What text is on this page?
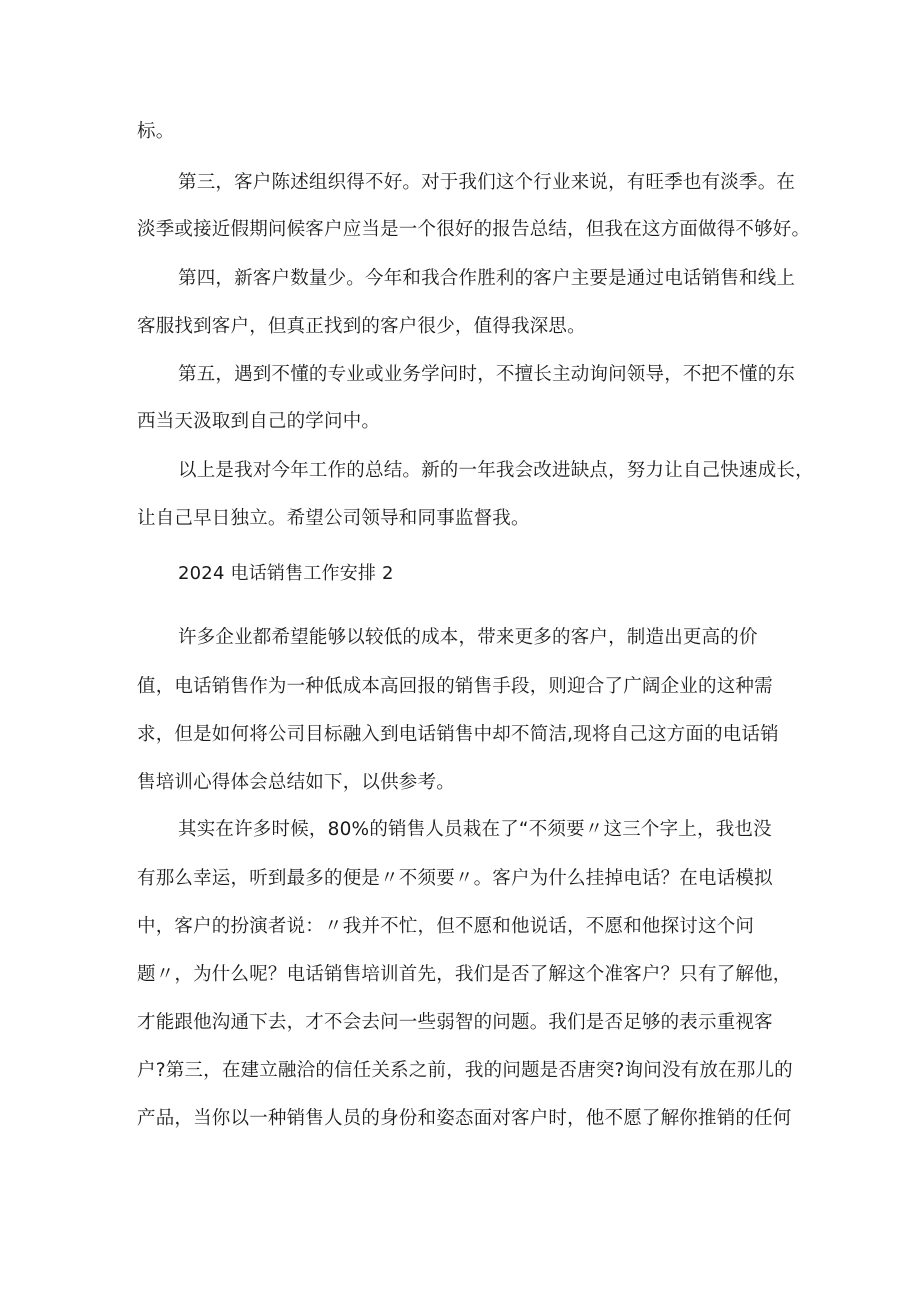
标。
第三，客户陈述组织得不好。对于我们这个行业来说，有旺季也有淡季。在
淡季或接近假期问候客户应当是一个很好的报告总结，但我在这方面做得不够好。
第四，新客户数量少。今年和我合作胜利的客户主要是通过电话销售和线上
客服找到客户，但真正找到的客户很少，值得我深思。
第五，遇到不懂的专业或业务学问时，不擅长主动询问领导，不把不懂的东
西当天汲取到自己的学问中。
以上是我对今年工作的总结。新的一年我会改进缺点，努力让自己快速成长，
让自己早日独立。希望公司领导和同事监督我。
2024 电话销售工作安排 2
许多企业都希望能够以较低的成本，带来更多的客户，制造出更高的价
值，电话销售作为一种低成本高回报的销售手段，则迎合了广阔企业的这种需
求，但是如何将公司目标融入到电话销售中却不简洁,现将自己这方面的电话销
售培训心得体会总结如下，以供参考。
其实在许多时候，80%的销售人员栽在了“不须要〃这三个字上，我也没
有那么幸运，听到最多的便是〃不须要〃。客户为什么挂掉电话？在电话模拟
中，客户的扮演者说：〃我并不忙，但不愿和他说话，不愿和他探讨这个问
题〃，为什么呢？电话销售培训首先，我们是否了解这个准客户？只有了解他，
才能跟他沟通下去，才不会去问一些弱智的问题。我们是否足够的表示重视客
户?第三，在建立融洽的信任关系之前，我的问题是否唐突?询问没有放在那儿的
产品，当你以一种销售人员的身份和姿态面对客户时，他不愿了解你推销的任何
